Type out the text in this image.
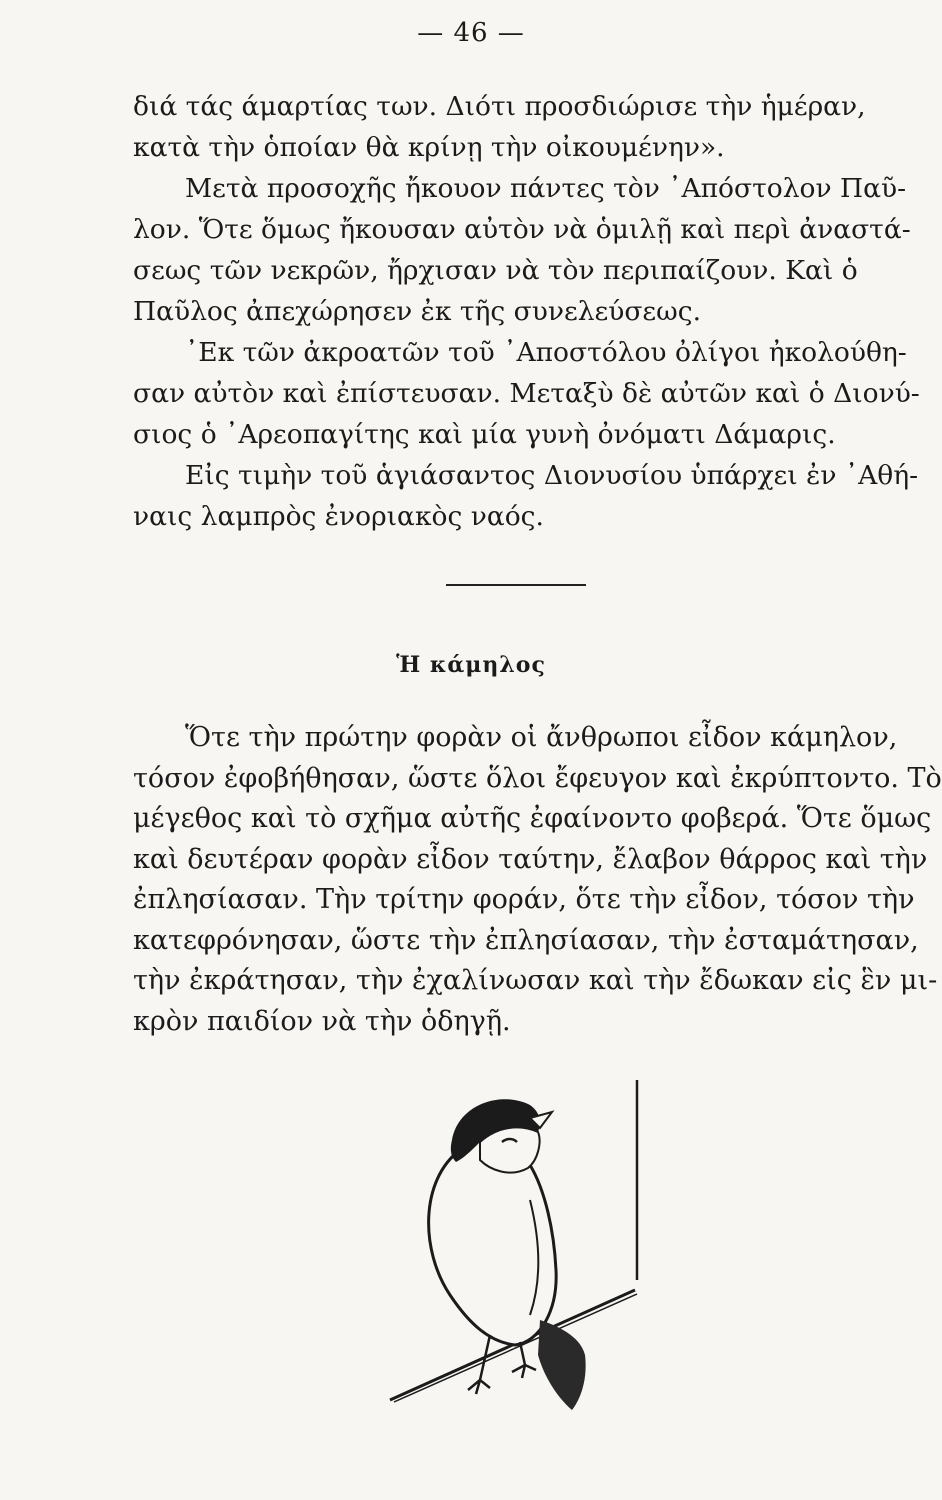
— 46 —

διά τάς άμαρτίας των. Διότι προσδιώρισε τὴν ἡμέραν,
κατὰ τὴν ὁποίαν θὰ κρίνῃ τὴν οἰκουμένην».

Μετὰ προσοχῆς ἤκουον πάντες τὸν ᾿Απόστολον Παῦ-
λον. Ὅτε ὅμως ἤκουσαν αὐτὸν νὰ ὁμιλῇ καὶ περὶ ἀναστά-
σεως τῶν νεκρῶν, ἤρχισαν νὰ τὸν περιπαίζουν. Καὶ ὁ
Παῦλος ἀπεχώρησεν ἐκ τῆς συνελεύσεως.

᾿Εκ τῶν ἀκροατῶν τοῦ ᾿Αποστόλου ὀλίγοι ἠκολούθη-
σαν αὐτὸν καὶ ἐπίστευσαν. Μεταξὺ δὲ αὐτῶν καὶ ὁ Διονύ-
σιος ὁ ᾿Αρεοπαγίτης καὶ μία γυνὴ ὀνόματι Δάμαρις.

Εἰς τιμὴν τοῦ ἁγιάσαντος Διονυσίου ὑπάρχει ἐν ᾿Αθή-
ναις λαμπρὸς ἐνοριακὸς ναός.

Ἡ κάμηλος

Ὅτε τὴν πρώτην φορὰν οἱ ἄνθρωποι εἶδον κάμηλον,
τόσον ἐφοβήθησαν, ὥστε ὅλοι ἔφευγον καὶ ἐκρύπτοντο. Τὸ
μέγεθος καὶ τὸ σχῆμα αὐτῆς ἐφαίνοντο φοβερά. Ὅτε ὅμως
καὶ δευτέραν φορὰν εἶδον ταύτην, ἔλαβον θάρρος καὶ τὴν
ἐπλησίασαν. Τὴν τρίτην φοράν, ὅτε τὴν εἶδον, τόσον τὴν
κατεφρόνησαν, ὥστε τὴν ἐπλησίασαν, τὴν ἐσταμάτησαν,
τὴν ἐκράτησαν, τὴν ἐχαλίνωσαν καὶ τὴν ἔδωκαν εἰς ἓν μι-
κρὸν παιδίον νὰ τὴν ὁδηγῇ.
